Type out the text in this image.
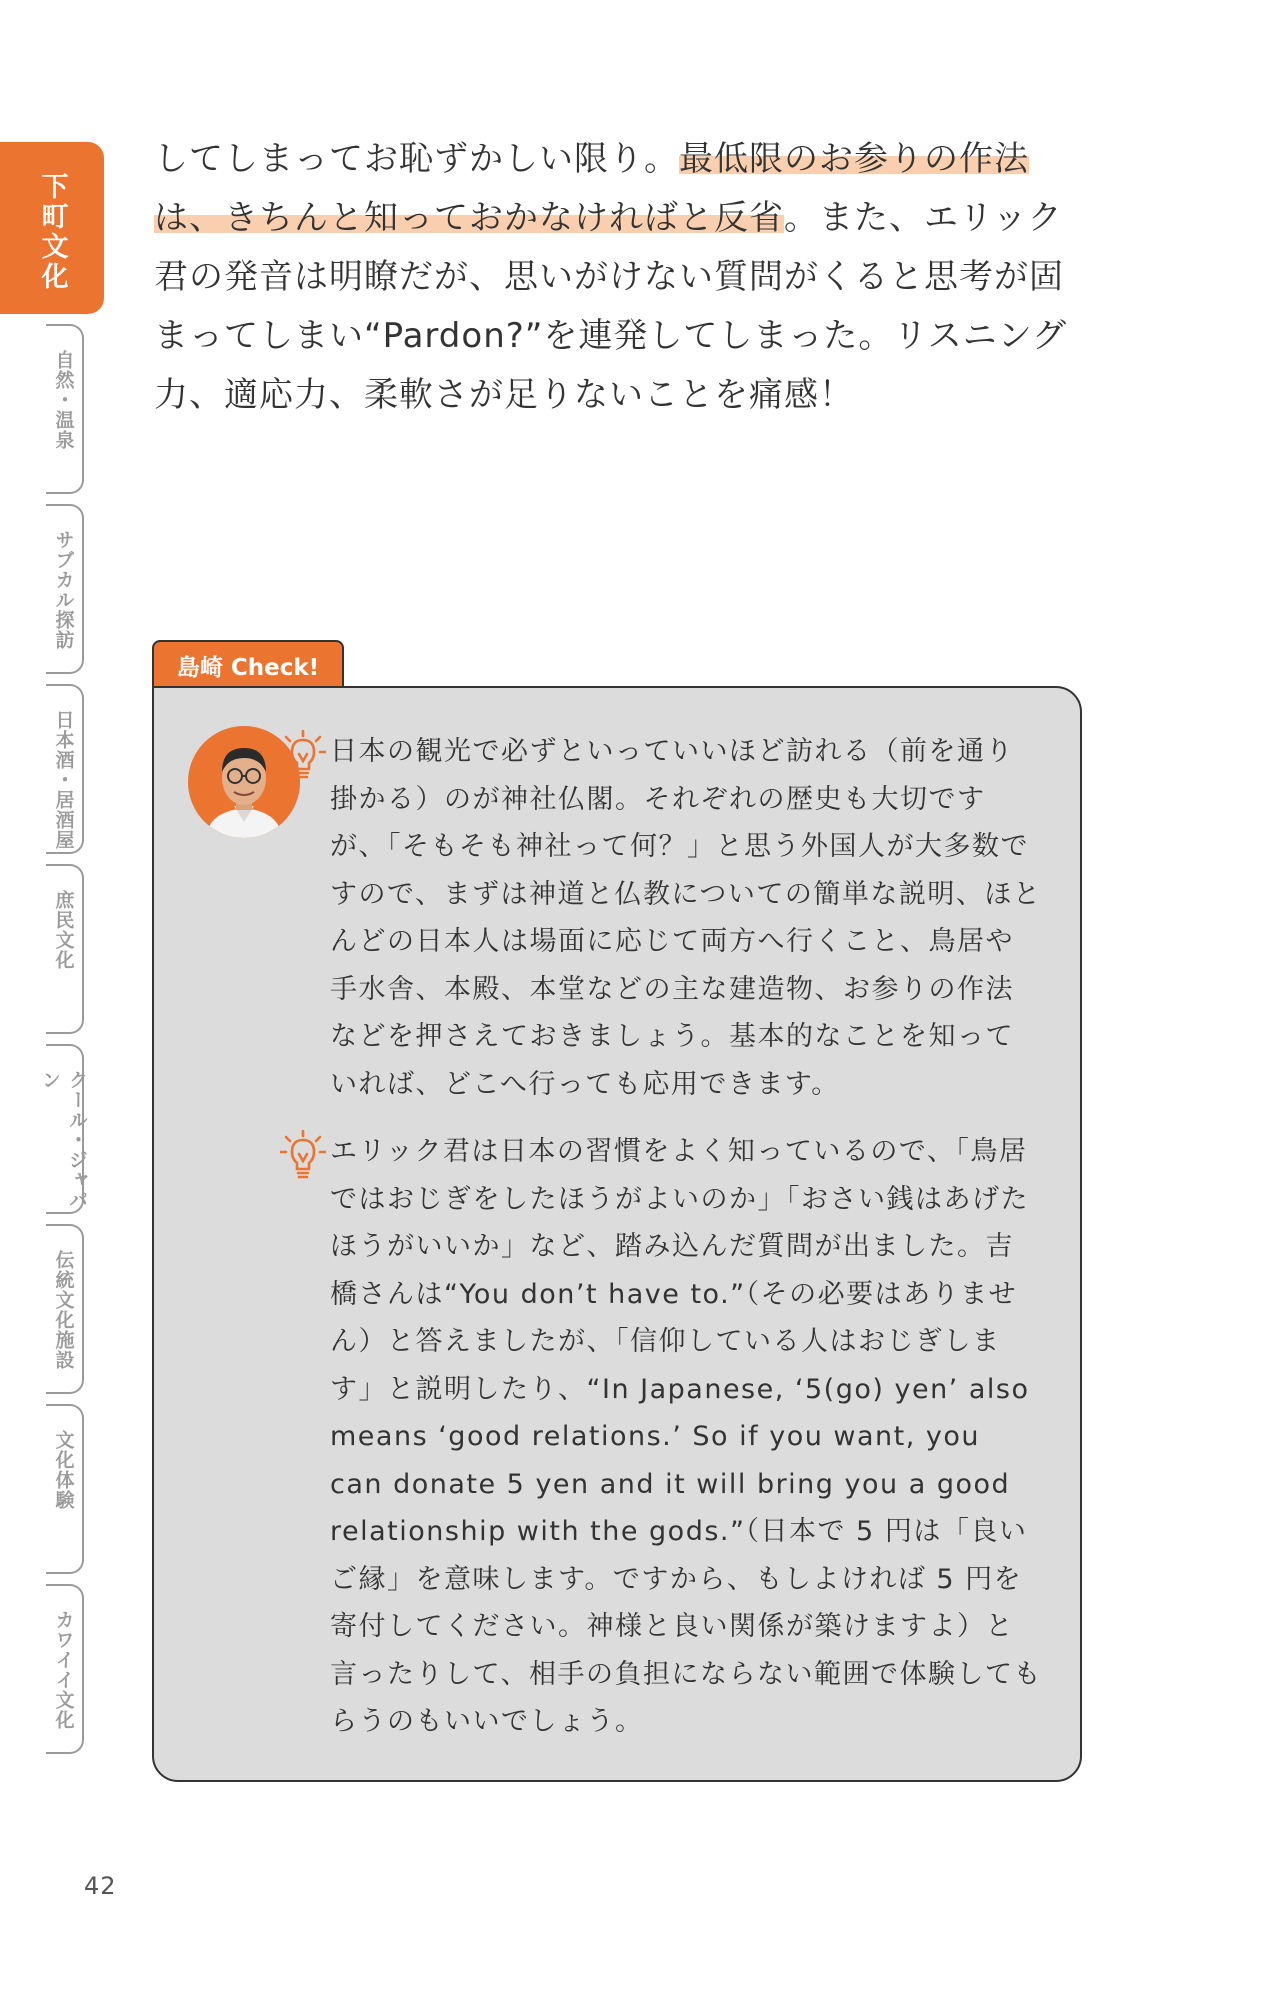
下町文化
自然・温泉
サブカル探訪
日本酒・居酒屋
庶民文化
クール・ジャパン
伝統文化施設
文化体験
カワイイ文化

してしまってお恥ずかしい限り。最低限のお参りの作法は、きちんと知っておかなければと反省。また、エリック君の発音は明瞭だが、思いがけない質問がくると思考が固まってしまい“Pardon?”を連発してしまった。リスニング力、適応力、柔軟さが足りないことを痛感！

島崎 Check!

日本の観光で必ずといっていいほど訪れる（前を通り掛かる）のが神社仏閣。それぞれの歴史も大切ですが、「そもそも神社って何？」と思う外国人が大多数ですので、まずは神道と仏教についての簡単な説明、ほとんどの日本人は場面に応じて両方へ行くこと、鳥居や手水舎、本殿、本堂などの主な建造物、お参りの作法などを押さえておきましょう。基本的なことを知っていれば、どこへ行っても応用できます。

エリック君は日本の習慣をよく知っているので、「鳥居ではおじぎをしたほうがよいのか」「おさい銭はあげたほうがいいか」など、踏み込んだ質問が出ました。吉橋さんは“You don’t have to.”（その必要はありません）と答えましたが、「信仰している人はおじぎします」と説明したり、“In Japanese, ‘5(go) yen’ also means ‘good relations.’ So if you want, you can donate 5 yen and it will bring you a good relationship with the gods.”（日本で 5 円は「良いご縁」を意味します。ですから、もしよければ 5 円を寄付してください。神様と良い関係が築けますよ）と言ったりして、相手の負担にならない範囲で体験してもらうのもいいでしょう。

42
